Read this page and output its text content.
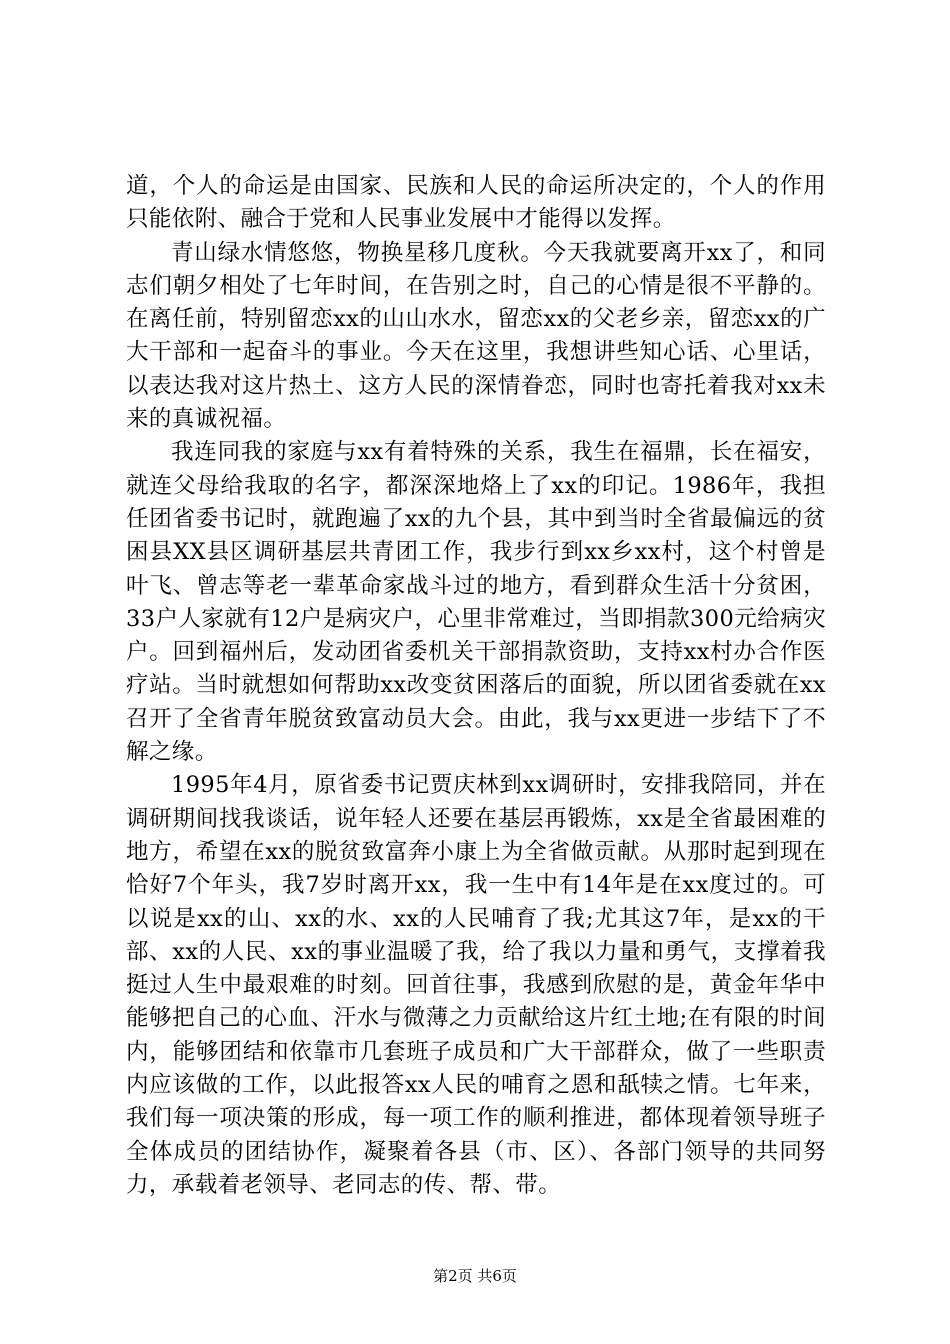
道，个人的命运是由国家、民族和人民的命运所决定的，个人的作用只能依附、融合于党和人民事业发展中才能得以发挥。

青山绿水情悠悠，物换星移几度秋。今天我就要离开xx了，和同志们朝夕相处了七年时间，在告别之时，自己的心情是很不平静的。在离任前，特别留恋xx的山山水水，留恋xx的父老乡亲，留恋xx的广大干部和一起奋斗的事业。今天在这里，我想讲些知心话、心里话，以表达我对这片热土、这方人民的深情眷恋，同时也寄托着我对xx未来的真诚祝福。

我连同我的家庭与xx有着特殊的关系，我生在福鼎，长在福安，就连父母给我取的名字，都深深地烙上了xx的印记。1986年，我担任团省委书记时，就跑遍了xx的九个县，其中到当时全省最偏远的贫困县XX县区调研基层共青团工作，我步行到xx乡xx村，这个村曾是叶飞、曾志等老一辈革命家战斗过的地方，看到群众生活十分贫困，33户人家就有12户是病灾户，心里非常难过，当即捐款300元给病灾户。回到福州后，发动团省委机关干部捐款资助，支持xx村办合作医疗站。当时就想如何帮助xx改变贫困落后的面貌，所以团省委就在xx召开了全省青年脱贫致富动员大会。由此，我与xx更进一步结下了不解之缘。

1995年4月，原省委书记贾庆林到xx调研时，安排我陪同，并在调研期间找我谈话，说年轻人还要在基层再锻炼，xx是全省最困难的地方，希望在xx的脱贫致富奔小康上为全省做贡献。从那时起到现在恰好7个年头，我7岁时离开xx，我一生中有14年是在xx度过的。可以说是xx的山、xx的水、xx的人民哺育了我;尤其这7年，是xx的干部、xx的人民、xx的事业温暖了我，给了我以力量和勇气，支撑着我挺过人生中最艰难的时刻。回首往事，我感到欣慰的是，黄金年华中能够把自己的心血、汗水与微薄之力贡献给这片红土地;在有限的时间内，能够团结和依靠市几套班子成员和广大干部群众，做了一些职责内应该做的工作，以此报答xx人民的哺育之恩和舐犊之情。七年来，我们每一项决策的形成，每一项工作的顺利推进，都体现着领导班子全体成员的团结协作，凝聚着各县（市、区）、各部门领导的共同努力，承载着老领导、老同志的传、帮、带。

第2页 共6页
